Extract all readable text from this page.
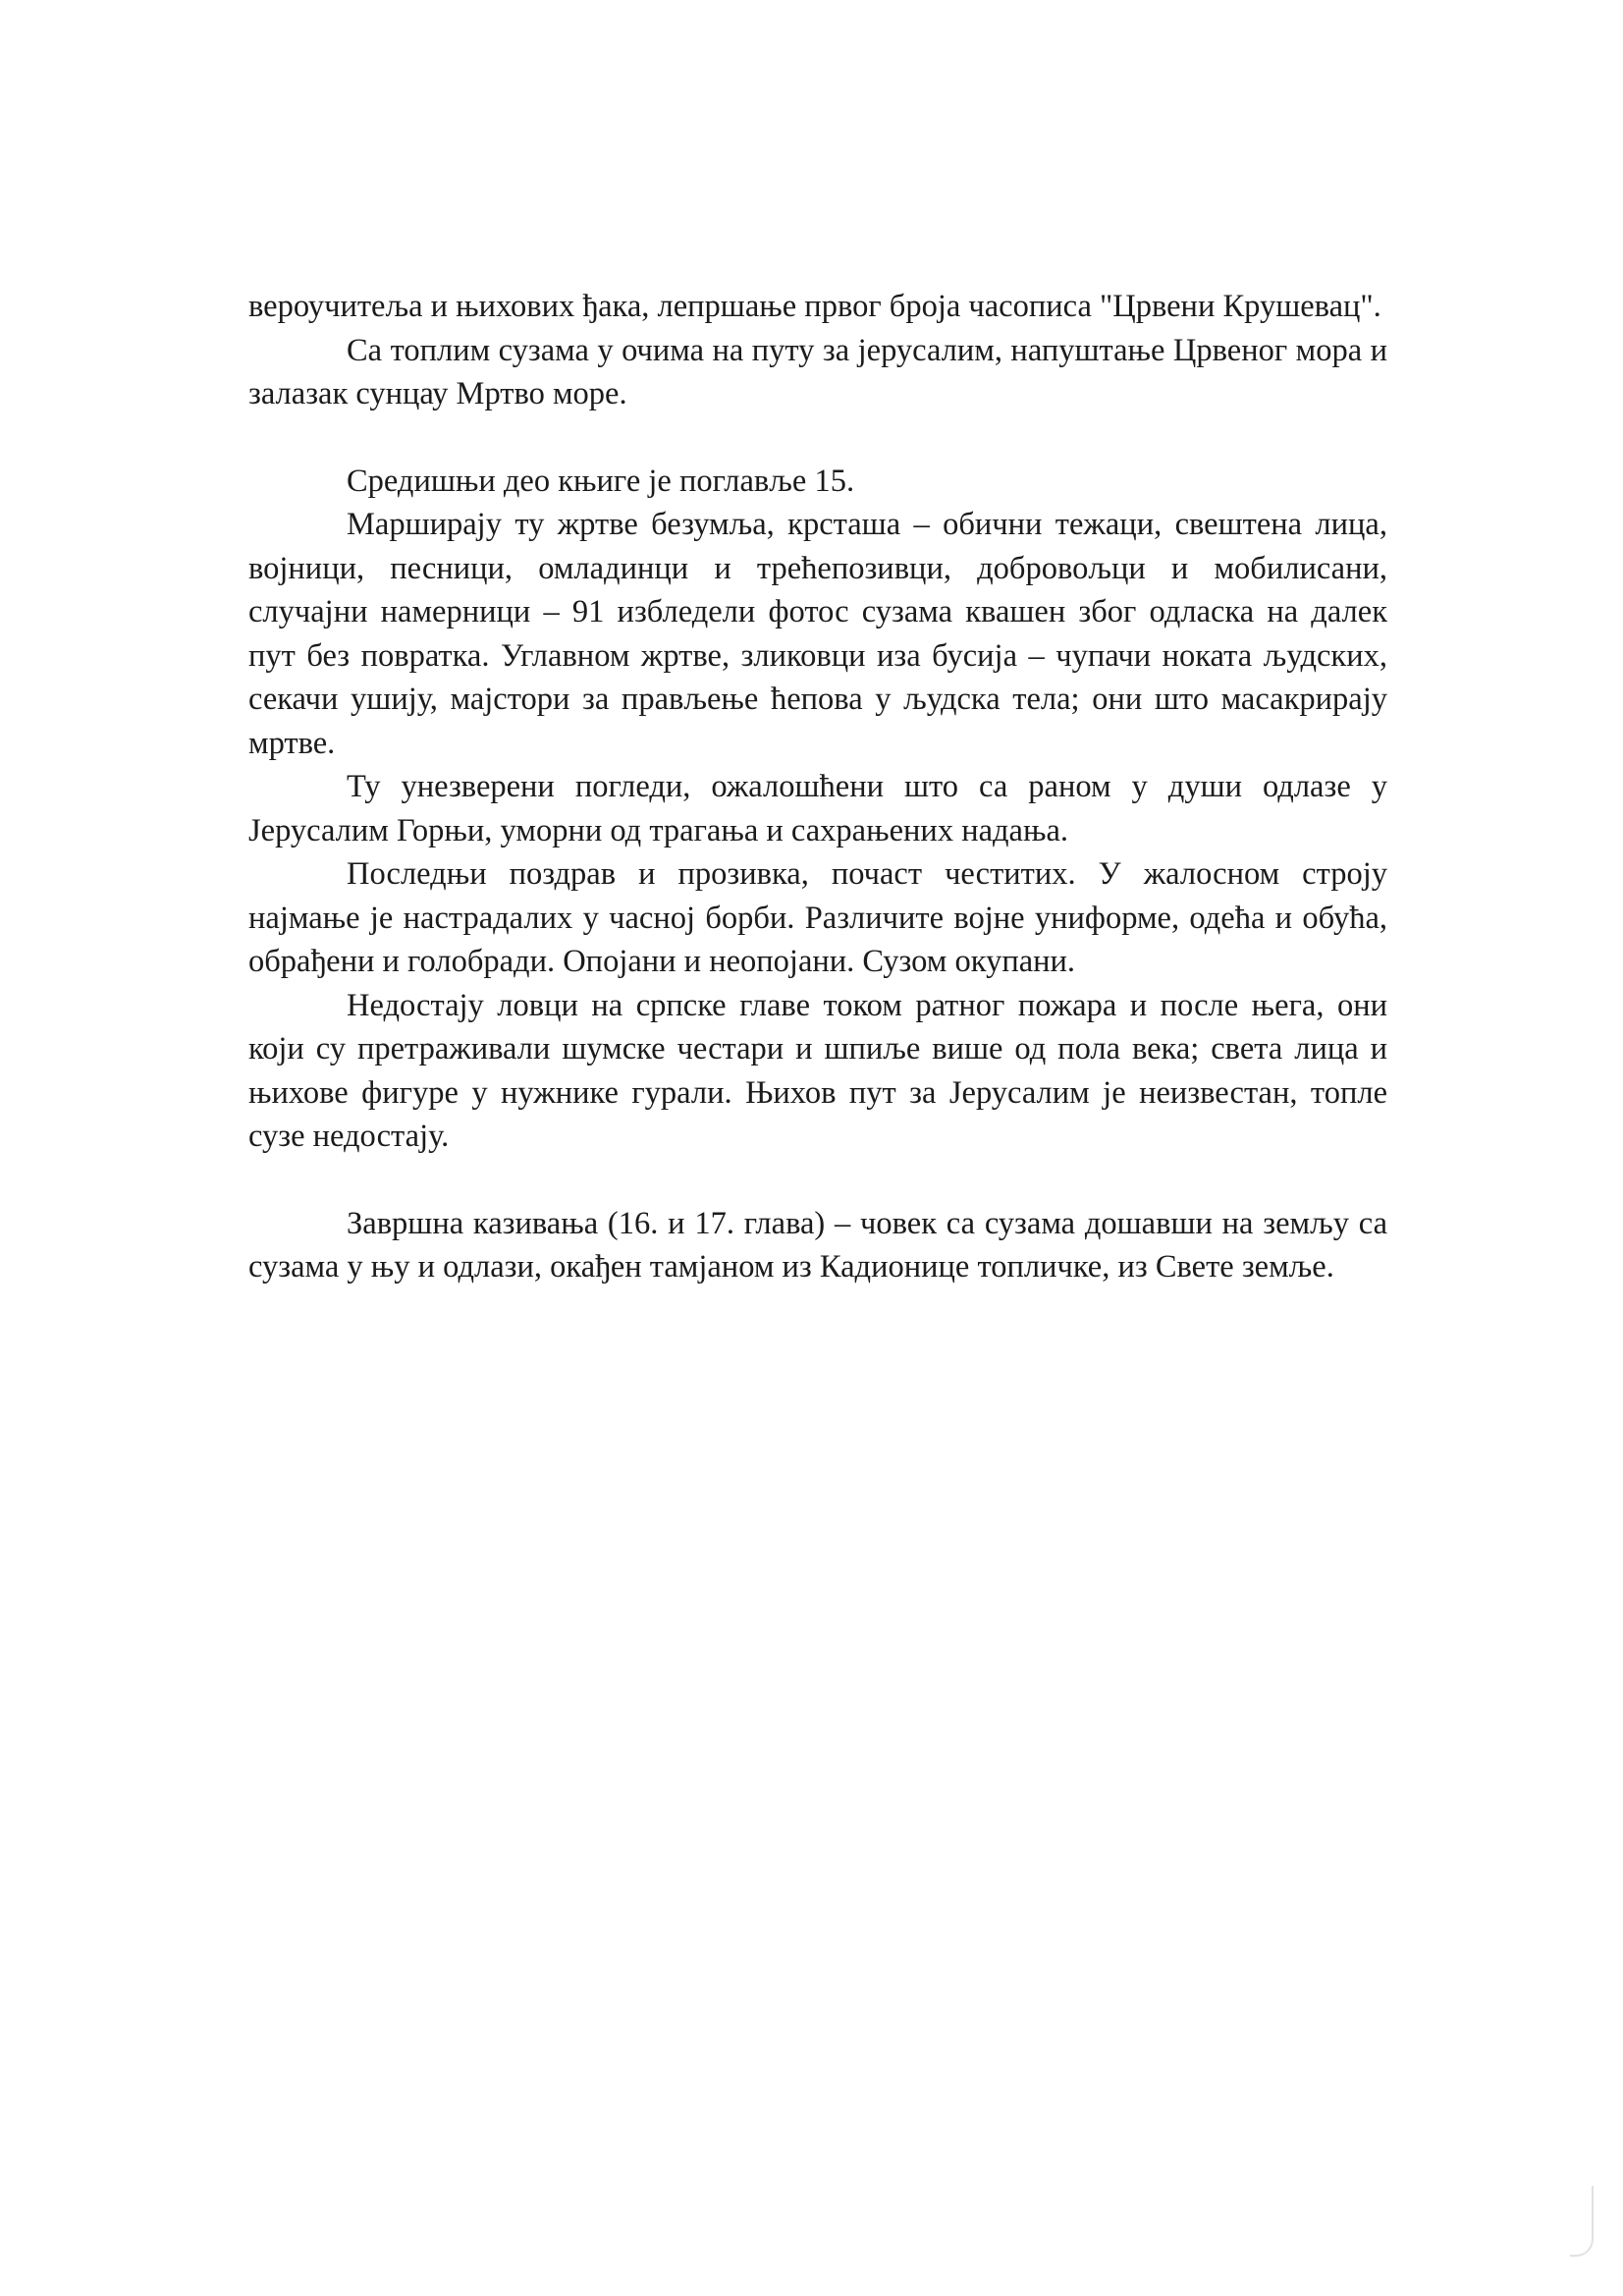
вероучитеља и њихових ђака, лепршање првог броја часописа "Црвени Крушевац".

Са топлим сузама у очима на путу за јерусалим, напуштање Црвеног мора и залазак сунцау Мртво море.

Средишњи део књиге је поглавље 15.

Марширају ту жртве безумља, крсташа – обични тежаци, свештена лица, војници, песници, омладинци и трећепозивци, добровољци и мобилисани, случајни намерници – 91 избледели фотос сузама квашен због одласка на далек пут без повратка. Углавном жртве, зликовци иза бусија – чупачи ноката људских, секачи ушију, мајстори за прављење ћепова у људска тела; они што масакрирају мртве.

Ту унезверени погледи, ожалошћени што са раном у души одлазе у Јерусалим Горњи, уморни од трагања и сахрањених надања.

Последњи поздрав и прозивка, почаст честитих. У жалосном строју најмање је настрадалих у часној борби. Различите војне униформе, одећа и обућа, обрађени и голобради. Опојани и неопојани. Сузом окупани.

Недостају ловци на српске главе током ратног пожара и после њега, они који су претраживали шумске честари и шпиље више од пола века; света лица и њихове фигуре у нужнике гурали. Њихов пут за Јерусалим је неизвестан, топле сузе недостају.

Завршна казивања (16. и 17. глава) – човек са сузама дошавши на земљу са сузама у њу и одлази, окађен тамјаном из Кадионице топличке, из Свете земље.
